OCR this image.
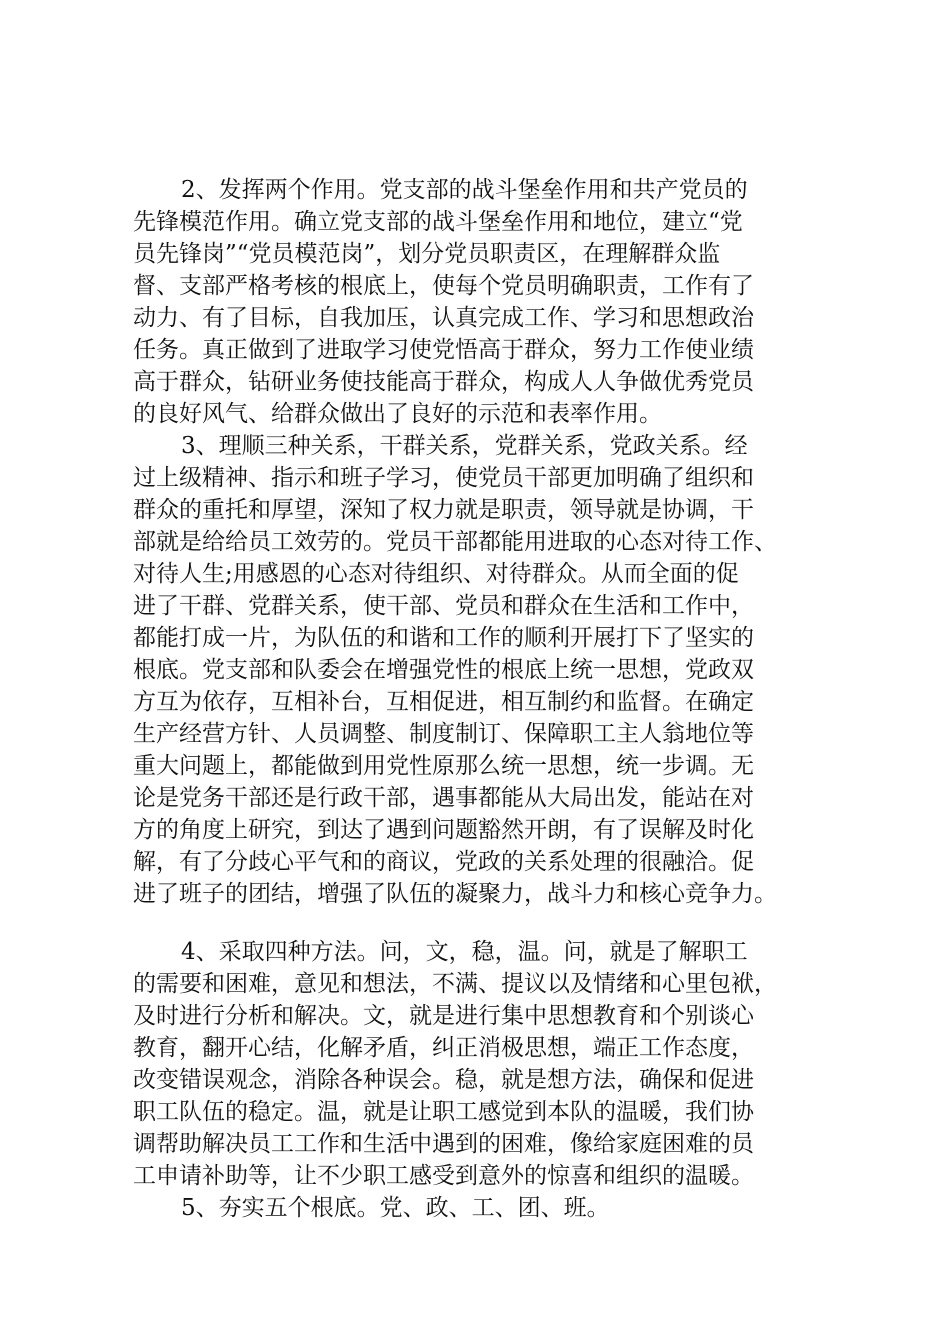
2、发挥两个作用。党支部的战斗堡垒作用和共产党员的
先锋模范作用。确立党支部的战斗堡垒作用和地位，建立“党
员先锋岗”“党员模范岗”，划分党员职责区，在理解群众监
督、支部严格考核的根底上，使每个党员明确职责，工作有了
动力、有了目标，自我加压，认真完成工作、学习和思想政治
任务。真正做到了进取学习使党悟高于群众，努力工作使业绩
高于群众，钻研业务使技能高于群众，构成人人争做优秀党员
的良好风气、给群众做出了良好的示范和表率作用。
3、理顺三种关系，干群关系，党群关系，党政关系。经
过上级精神、指示和班子学习，使党员干部更加明确了组织和
群众的重托和厚望，深知了权力就是职责，领导就是协调，干
部就是给给员工效劳的。党员干部都能用进取的心态对待工作、
对待人生;用感恩的心态对待组织、对待群众。从而全面的促
进了干群、党群关系，使干部、党员和群众在生活和工作中，
都能打成一片，为队伍的和谐和工作的顺利开展打下了坚实的
根底。党支部和队委会在增强党性的根底上统一思想，党政双
方互为依存，互相补台，互相促进，相互制约和监督。在确定
生产经营方针、人员调整、制度制订、保障职工主人翁地位等
重大问题上，都能做到用党性原那么统一思想，统一步调。无
论是党务干部还是行政干部，遇事都能从大局出发，能站在对
方的角度上研究，到达了遇到问题豁然开朗，有了误解及时化
解，有了分歧心平气和的商议，党政的关系处理的很融洽。促
进了班子的团结，增强了队伍的凝聚力，战斗力和核心竞争力。
4、采取四种方法。问，文，稳，温。问，就是了解职工
的需要和困难，意见和想法，不满、提议以及情绪和心里包袱，
及时进行分析和解决。文，就是进行集中思想教育和个别谈心
教育，翻开心结，化解矛盾，纠正消极思想，端正工作态度，
改变错误观念，消除各种误会。稳，就是想方法，确保和促进
职工队伍的稳定。温，就是让职工感觉到本队的温暖，我们协
调帮助解决员工工作和生活中遇到的困难，像给家庭困难的员
工申请补助等，让不少职工感受到意外的惊喜和组织的温暖。
5、夯实五个根底。党、政、工、团、班。
